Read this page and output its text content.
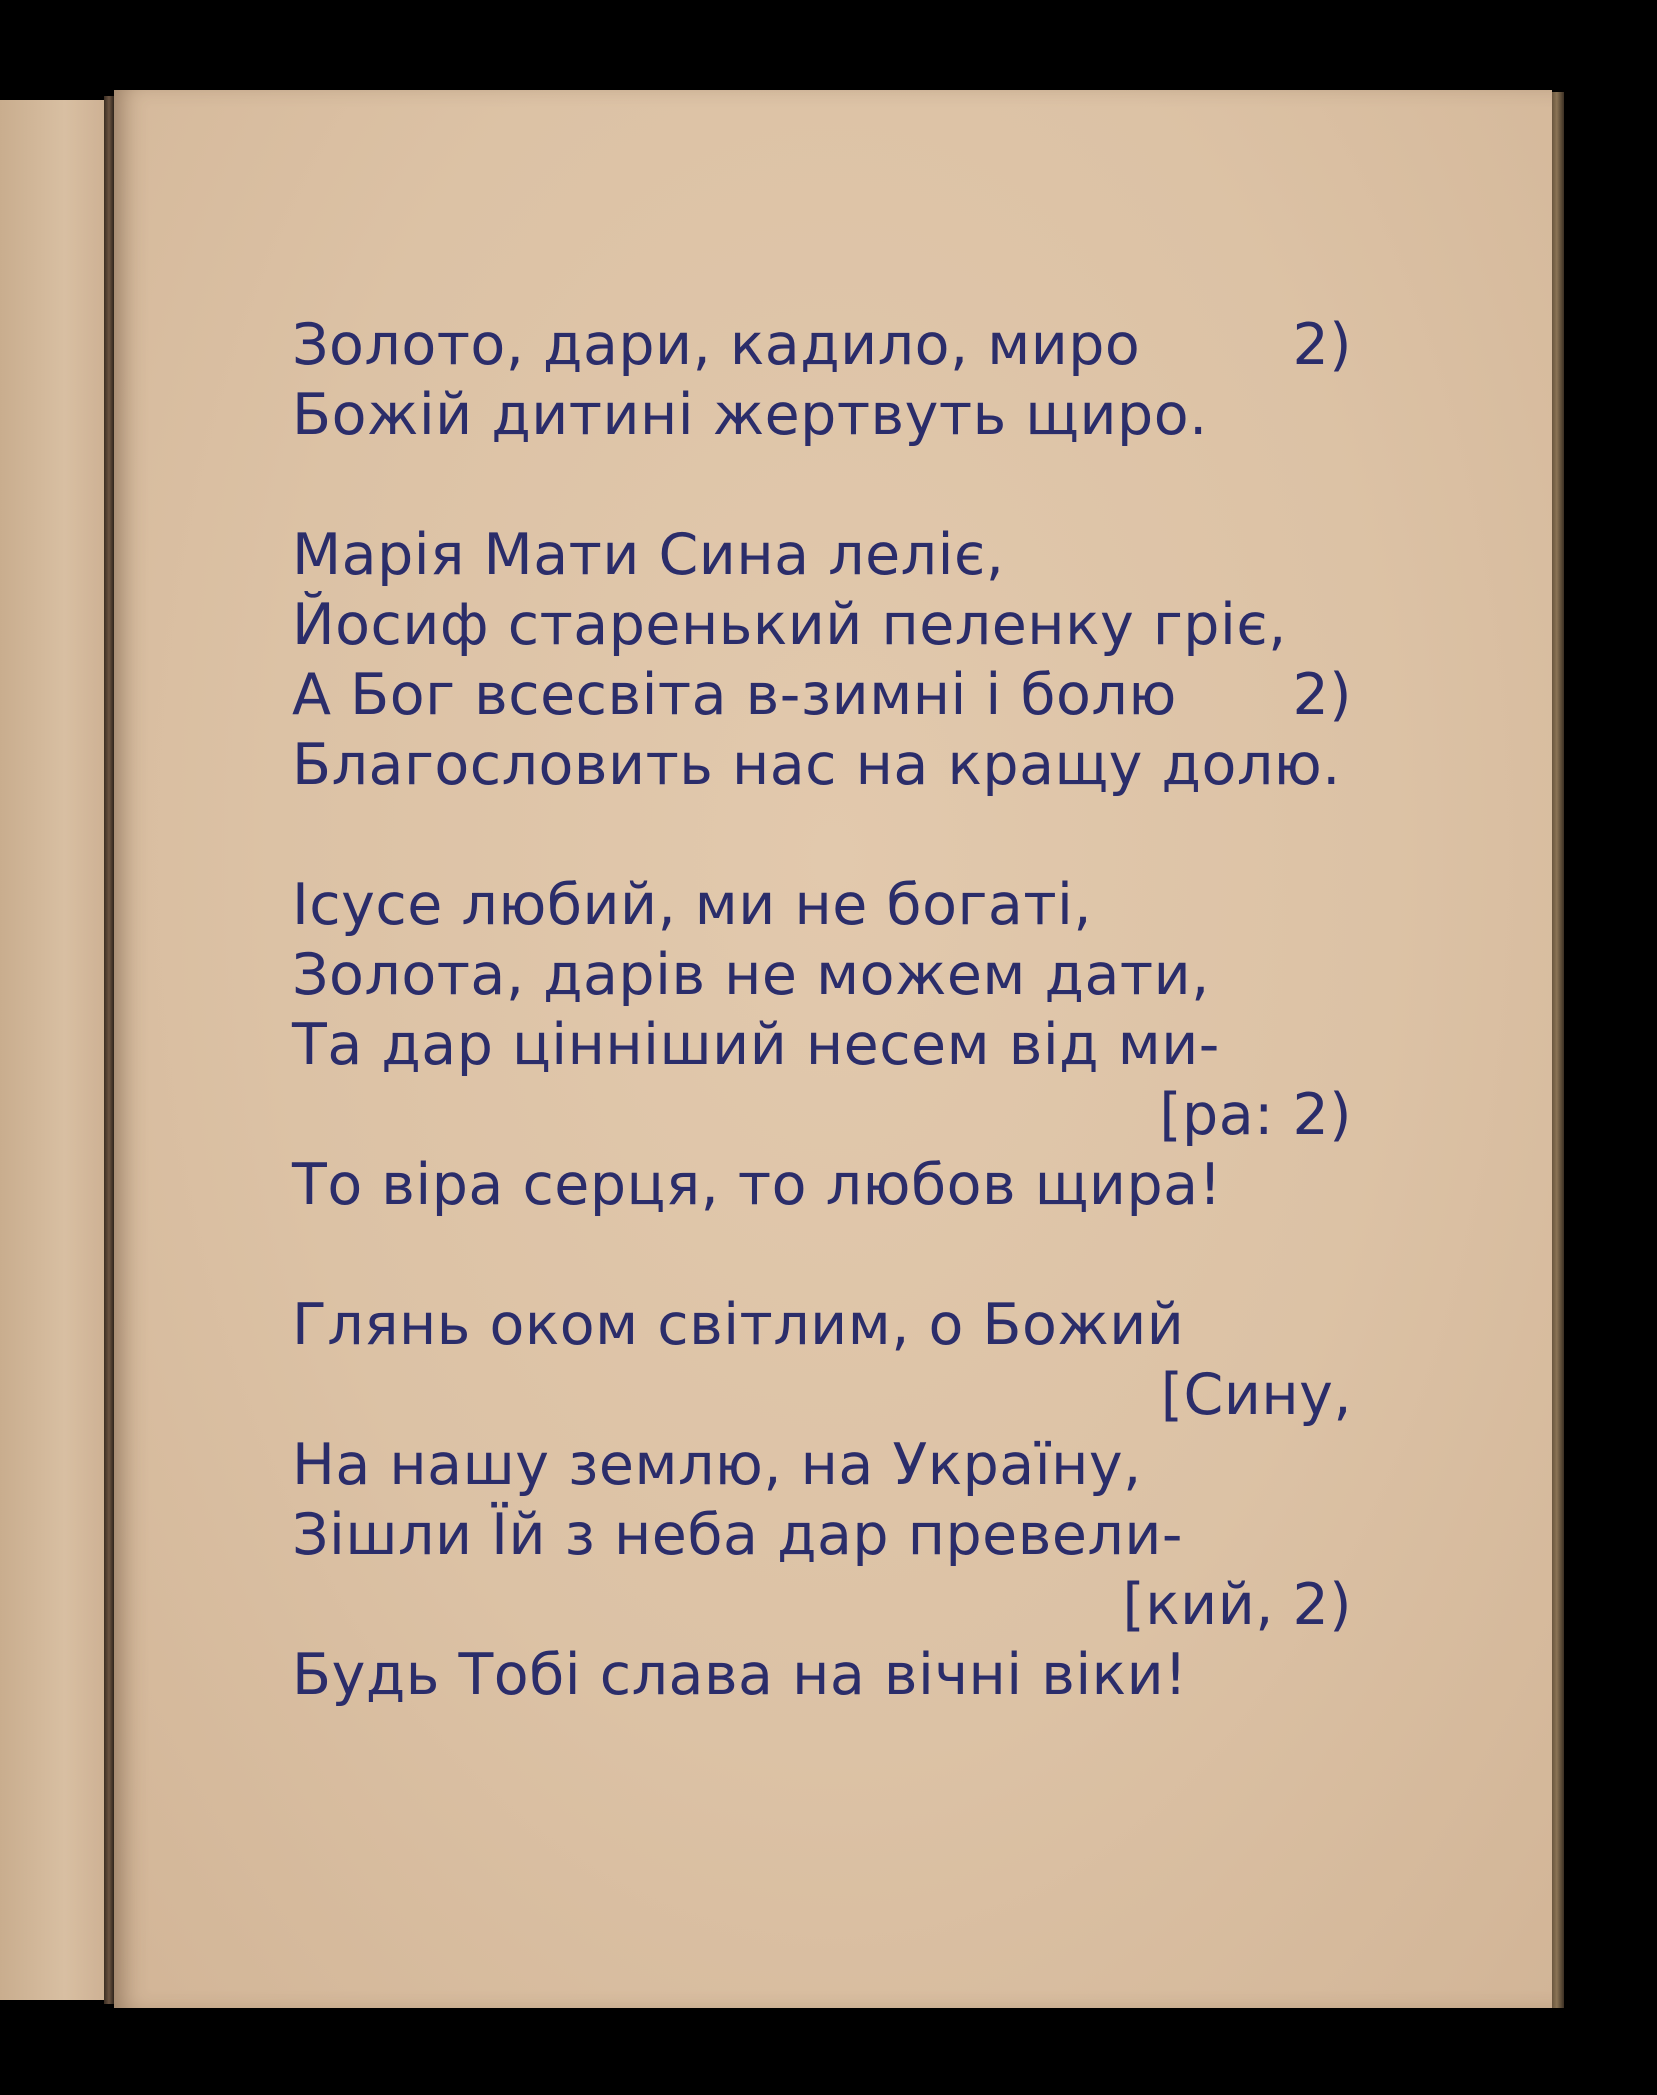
Золото, дари, кадило, миро	2)
Божій дитині жертвуть щиро.
Марія Мати Сина леліє,
Йосиф старенький пеленку гріє,
А Бог всесвіта в-зимні і болю 2)
Благословить нас на кращу долю.
Ісусе любий, ми не богаті,
Золота, дарів не можем дати,
Та дар цінніший несем від ми-
[ра: 2)
То віра серця, то любов щира!
Глянь оком світлим, о Божий
[Сину,
На нашу землю, на Україну,
Зішли Їй з неба дар превели-
[кий, 2)
Будь Тобі слава на вічні віки!
